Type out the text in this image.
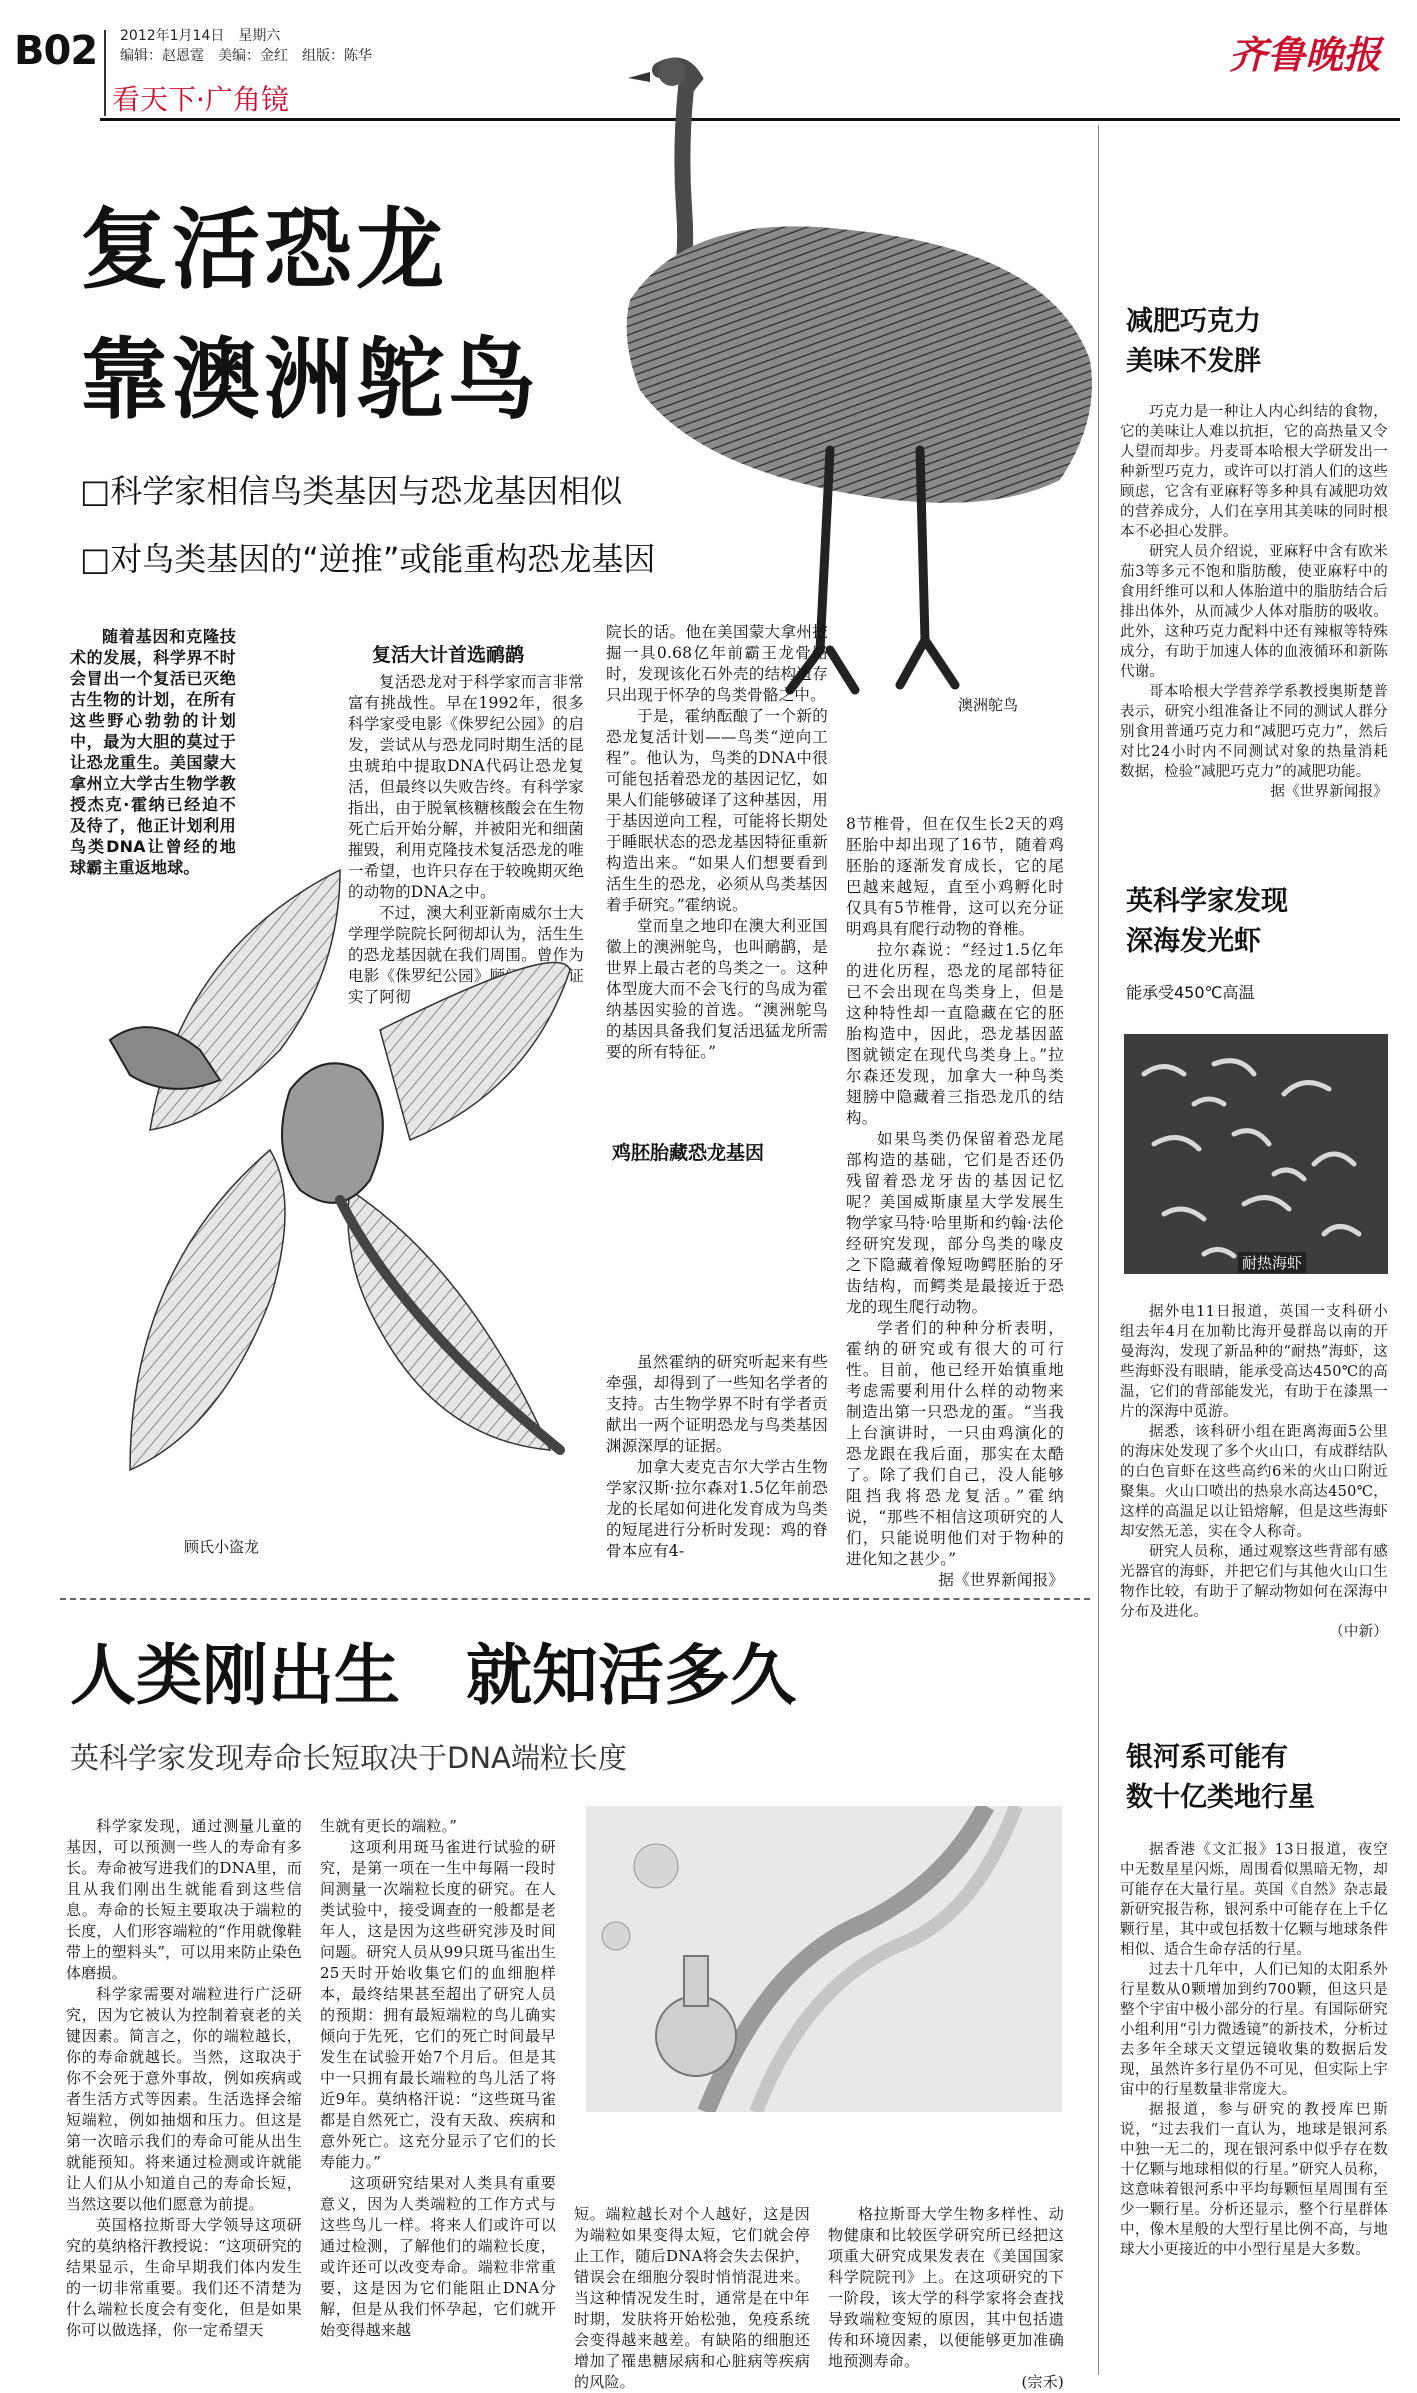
B02 2012年1月14日　星期六
编辑：赵恩霆　美编：金红　组版：陈华
看天下·广角镜
齐鲁晚报
复活恐龙
靠澳洲鸵鸟
□科学家相信鸟类基因与恐龙基因相似
□对鸟类基因的“逆推”或能重构恐龙基因
澳洲鸵鸟

随着基因和克隆技术的发展，科学界不时会冒出一个复活已灭绝古生物的计划，在所有这些野心勃勃的计划中，最为大胆的莫过于让恐龙重生。美国蒙大拿州立大学古生物学教授杰克·霍纳已经迫不及待了，他正计划利用鸟类DNA让曾经的地球霸主重返地球。

复活大计首选鸸鹋

复活恐龙对于科学家而言非常富有挑战性。早在1992年，很多科学家受电影《侏罗纪公园》的启发，尝试从与恐龙同时期生活的昆虫琥珀中提取DNA代码让恐龙复活，但最终以失败告终。有科学家指出，由于脱氧核糖核酸会在生物死亡后开始分解，并被阳光和细菌摧毁，利用克隆技术复活恐龙的唯一希望，也许只存在于较晚期灭绝的动物的DNA之中。

不过，澳大利亚新南威尔士大学理学院院长阿彻却认为，活生生的恐龙基因就在我们周围。曾作为电影《侏罗纪公园》顾问的霍纳证实了阿彻

院长的话。他在美国蒙大拿州挖掘一具0.68亿年前霸王龙骨骼时，发现该化石外壳的结构遗存只出现于怀孕的鸟类骨骼之中。

于是，霍纳酝酿了一个新的恐龙复活计划——鸟类“逆向工程”。他认为，鸟类的DNA中很可能包括着恐龙的基因记忆，如果人们能够破译了这种基因，用于基因逆向工程，可能将长期处于睡眠状态的恐龙基因特征重新构造出来。“如果人们想要看到活生生的恐龙，必须从鸟类基因着手研究。”霍纳说。

堂而皇之地印在澳大利亚国徽上的澳洲鸵鸟，也叫鸸鹋，是世界上最古老的鸟类之一。这种体型庞大而不会飞行的鸟成为霍纳基因实验的首选。“澳洲鸵鸟的基因具备我们复活迅猛龙所需要的所有特征。”

鸡胚胎藏恐龙基因
顾氏小盗龙

虽然霍纳的研究听起来有些牵强，却得到了一些知名学者的支持。古生物学界不时有学者贡献出一两个证明恐龙与鸟类基因渊源深厚的证据。

加拿大麦克吉尔大学古生物学家汉斯·拉尔森对1.5亿年前恐龙的长尾如何进化发育成为鸟类的短尾进行分析时发现：鸡的脊骨本应有4-

8节椎骨，但在仅生长2天的鸡胚胎中却出现了16节，随着鸡胚胎的逐渐发育成长，它的尾巴越来越短，直至小鸡孵化时仅具有5节椎骨，这可以充分证明鸡具有爬行动物的脊椎。

拉尔森说：“经过1.5亿年的进化历程，恐龙的尾部特征已不会出现在鸟类身上，但是这种特性却一直隐藏在它的胚胎构造中，因此，恐龙基因蓝图就锁定在现代鸟类身上。”拉尔森还发现，加拿大一种鸟类翅膀中隐藏着三指恐龙爪的结构。

如果鸟类仍保留着恐龙尾部构造的基础，它们是否还仍残留着恐龙牙齿的基因记忆呢？美国威斯康星大学发展生物学家马特·哈里斯和约翰·法伦经研究发现，部分鸟类的喙皮之下隐藏着像短吻鳄胚胎的牙齿结构，而鳄类是最接近于恐龙的现生爬行动物。

学者们的种种分析表明，霍纳的研究或有很大的可行性。目前，他已经开始慎重地考虑需要利用什么样的动物来制造出第一只恐龙的蛋。“当我上台演讲时，一只由鸡演化的恐龙跟在我后面，那实在太酷了。除了我们自己，没人能够阻挡我将恐龙复活。”霍纳说，“那些不相信这项研究的人们，只能说明他们对于物种的进化知之甚少。”

据《世界新闻报》
减肥巧克力
美味不发胖

巧克力是一种让人内心纠结的食物，它的美味让人难以抗拒，它的高热量又令人望而却步。丹麦哥本哈根大学研发出一种新型巧克力，或许可以打消人们的这些顾虑，它含有亚麻籽等多种具有减肥功效的营养成分，人们在享用其美味的同时根本不必担心发胖。

研究人员介绍说，亚麻籽中含有欧米茄3等多元不饱和脂肪酸，使亚麻籽中的食用纤维可以和人体胎道中的脂肪结合后排出体外，从而减少人体对脂肪的吸收。此外，这种巧克力配料中还有辣椒等特殊成分，有助于加速人体的血液循环和新陈代谢。

哥本哈根大学营养学系教授奥斯楚普表示，研究小组准备让不同的测试人群分别食用普通巧克力和“减肥巧克力”，然后对比24小时内不同测试对象的热量消耗数据，检验“减肥巧克力”的减肥功能。

据《世界新闻报》
英科学家发现
深海发光虾
能承受450℃高温
耐热海虾

据外电11日报道，英国一支科研小组去年4月在加勒比海开曼群岛以南的开曼海沟，发现了新品种的“耐热”海虾，这些海虾没有眼睛，能承受高达450℃的高温，它们的背部能发光，有助于在漆黑一片的深海中觅游。

据悉，该科研小组在距离海面5公里的海床处发现了多个火山口，有成群结队的白色盲虾在这些高约6米的火山口附近聚集。火山口喷出的热泉水高达450℃，这样的高温足以让铅熔解，但是这些海虾却安然无恙，实在令人称奇。

研究人员称，通过观察这些背部有感光器官的海虾，并把它们与其他火山口生物作比较，有助于了解动物如何在深海中分布及进化。

（中新）
人类刚出生　就知活多久
英科学家发现寿命长短取决于DNA端粒长度

科学家发现，通过测量儿童的基因，可以预测一些人的寿命有多长。寿命被写进我们的DNA里，而且从我们刚出生就能看到这些信息。寿命的长短主要取决于端粒的长度，人们形容端粒的“作用就像鞋带上的塑料头”，可以用来防止染色体磨损。

科学家需要对端粒进行广泛研究，因为它被认为控制着衰老的关键因素。简言之，你的端粒越长，你的寿命就越长。当然，这取决于你不会死于意外事故，例如疾病或者生活方式等因素。生活选择会缩短端粒，例如抽烟和压力。但这是第一次暗示我们的寿命可能从出生就能预知。将来通过检测或许就能让人们从小知道自己的寿命长短，当然这要以他们愿意为前提。

英国格拉斯哥大学领导这项研究的莫纳格汗教授说：“这项研究的结果显示，生命早期我们体内发生的一切非常重要。我们还不清楚为什么端粒长度会有变化，但是如果你可以做选择，你一定希望天

生就有更长的端粒。”

这项利用斑马雀进行试验的研究，是第一项在一生中每隔一段时间测量一次端粒长度的研究。在人类试验中，接受调查的一般都是老年人，这是因为这些研究涉及时间问题。研究人员从99只斑马雀出生25天时开始收集它们的血细胞样本，最终结果甚至超出了研究人员的预期：拥有最短端粒的鸟儿确实倾向于先死，它们的死亡时间最早发生在试验开始7个月后。但是其中一只拥有最长端粒的鸟儿活了将近9年。莫纳格汗说：“这些斑马雀都是自然死亡，没有天敌、疾病和意外死亡。这充分显示了它们的长寿能力。”

这项研究结果对人类具有重要意义，因为人类端粒的工作方式与这些鸟儿一样。将来人们或许可以通过检测，了解他们的端粒长度，或许还可以改变寿命。端粒非常重要，这是因为它们能阻止DNA分解，但是从我们怀孕起，它们就开始变得越来越

短。端粒越长对个人越好，这是因为端粒如果变得太短，它们就会停止工作，随后DNA将会失去保护，错误会在细胞分裂时悄悄混进来。当这种情况发生时，通常是在中年时期，发肤将开始松弛，免疫系统会变得越来越差。有缺陷的细胞还增加了罹患糖尿病和心脏病等疾病的风险。

格拉斯哥大学生物多样性、动物健康和比较医学研究所已经把这项重大研究成果发表在《美国国家科学院院刊》上。在这项研究的下一阶段，该大学的科学家将会查找导致端粒变短的原因，其中包括遗传和环境因素，以便能够更加准确地预测寿命。

(宗禾)
银河系可能有
数十亿类地行星

据香港《文汇报》13日报道，夜空中无数星星闪烁，周围看似黑暗无物，却可能存在大量行星。英国《自然》杂志最新研究报告称，银河系中可能存在上千亿颗行星，其中或包括数十亿颗与地球条件相似、适合生命存活的行星。

过去十几年中，人们已知的太阳系外行星数从0颗增加到约700颗，但这只是整个宇宙中极小部分的行星。有国际研究小组利用“引力微透镜”的新技术，分析过去多年全球天文望远镜收集的数据后发现，虽然许多行星仍不可见，但实际上宇宙中的行星数量非常庞大。

据报道，参与研究的教授库巴斯说，“过去我们一直认为，地球是银河系中独一无二的，现在银河系中似乎存在数十亿颗与地球相似的行星。”研究人员称，这意味着银河系中平均每颗恒星周围有至少一颗行星。分析还显示，整个行星群体中，像木星般的大型行星比例不高，与地球大小更接近的中小型行星是大多数。
